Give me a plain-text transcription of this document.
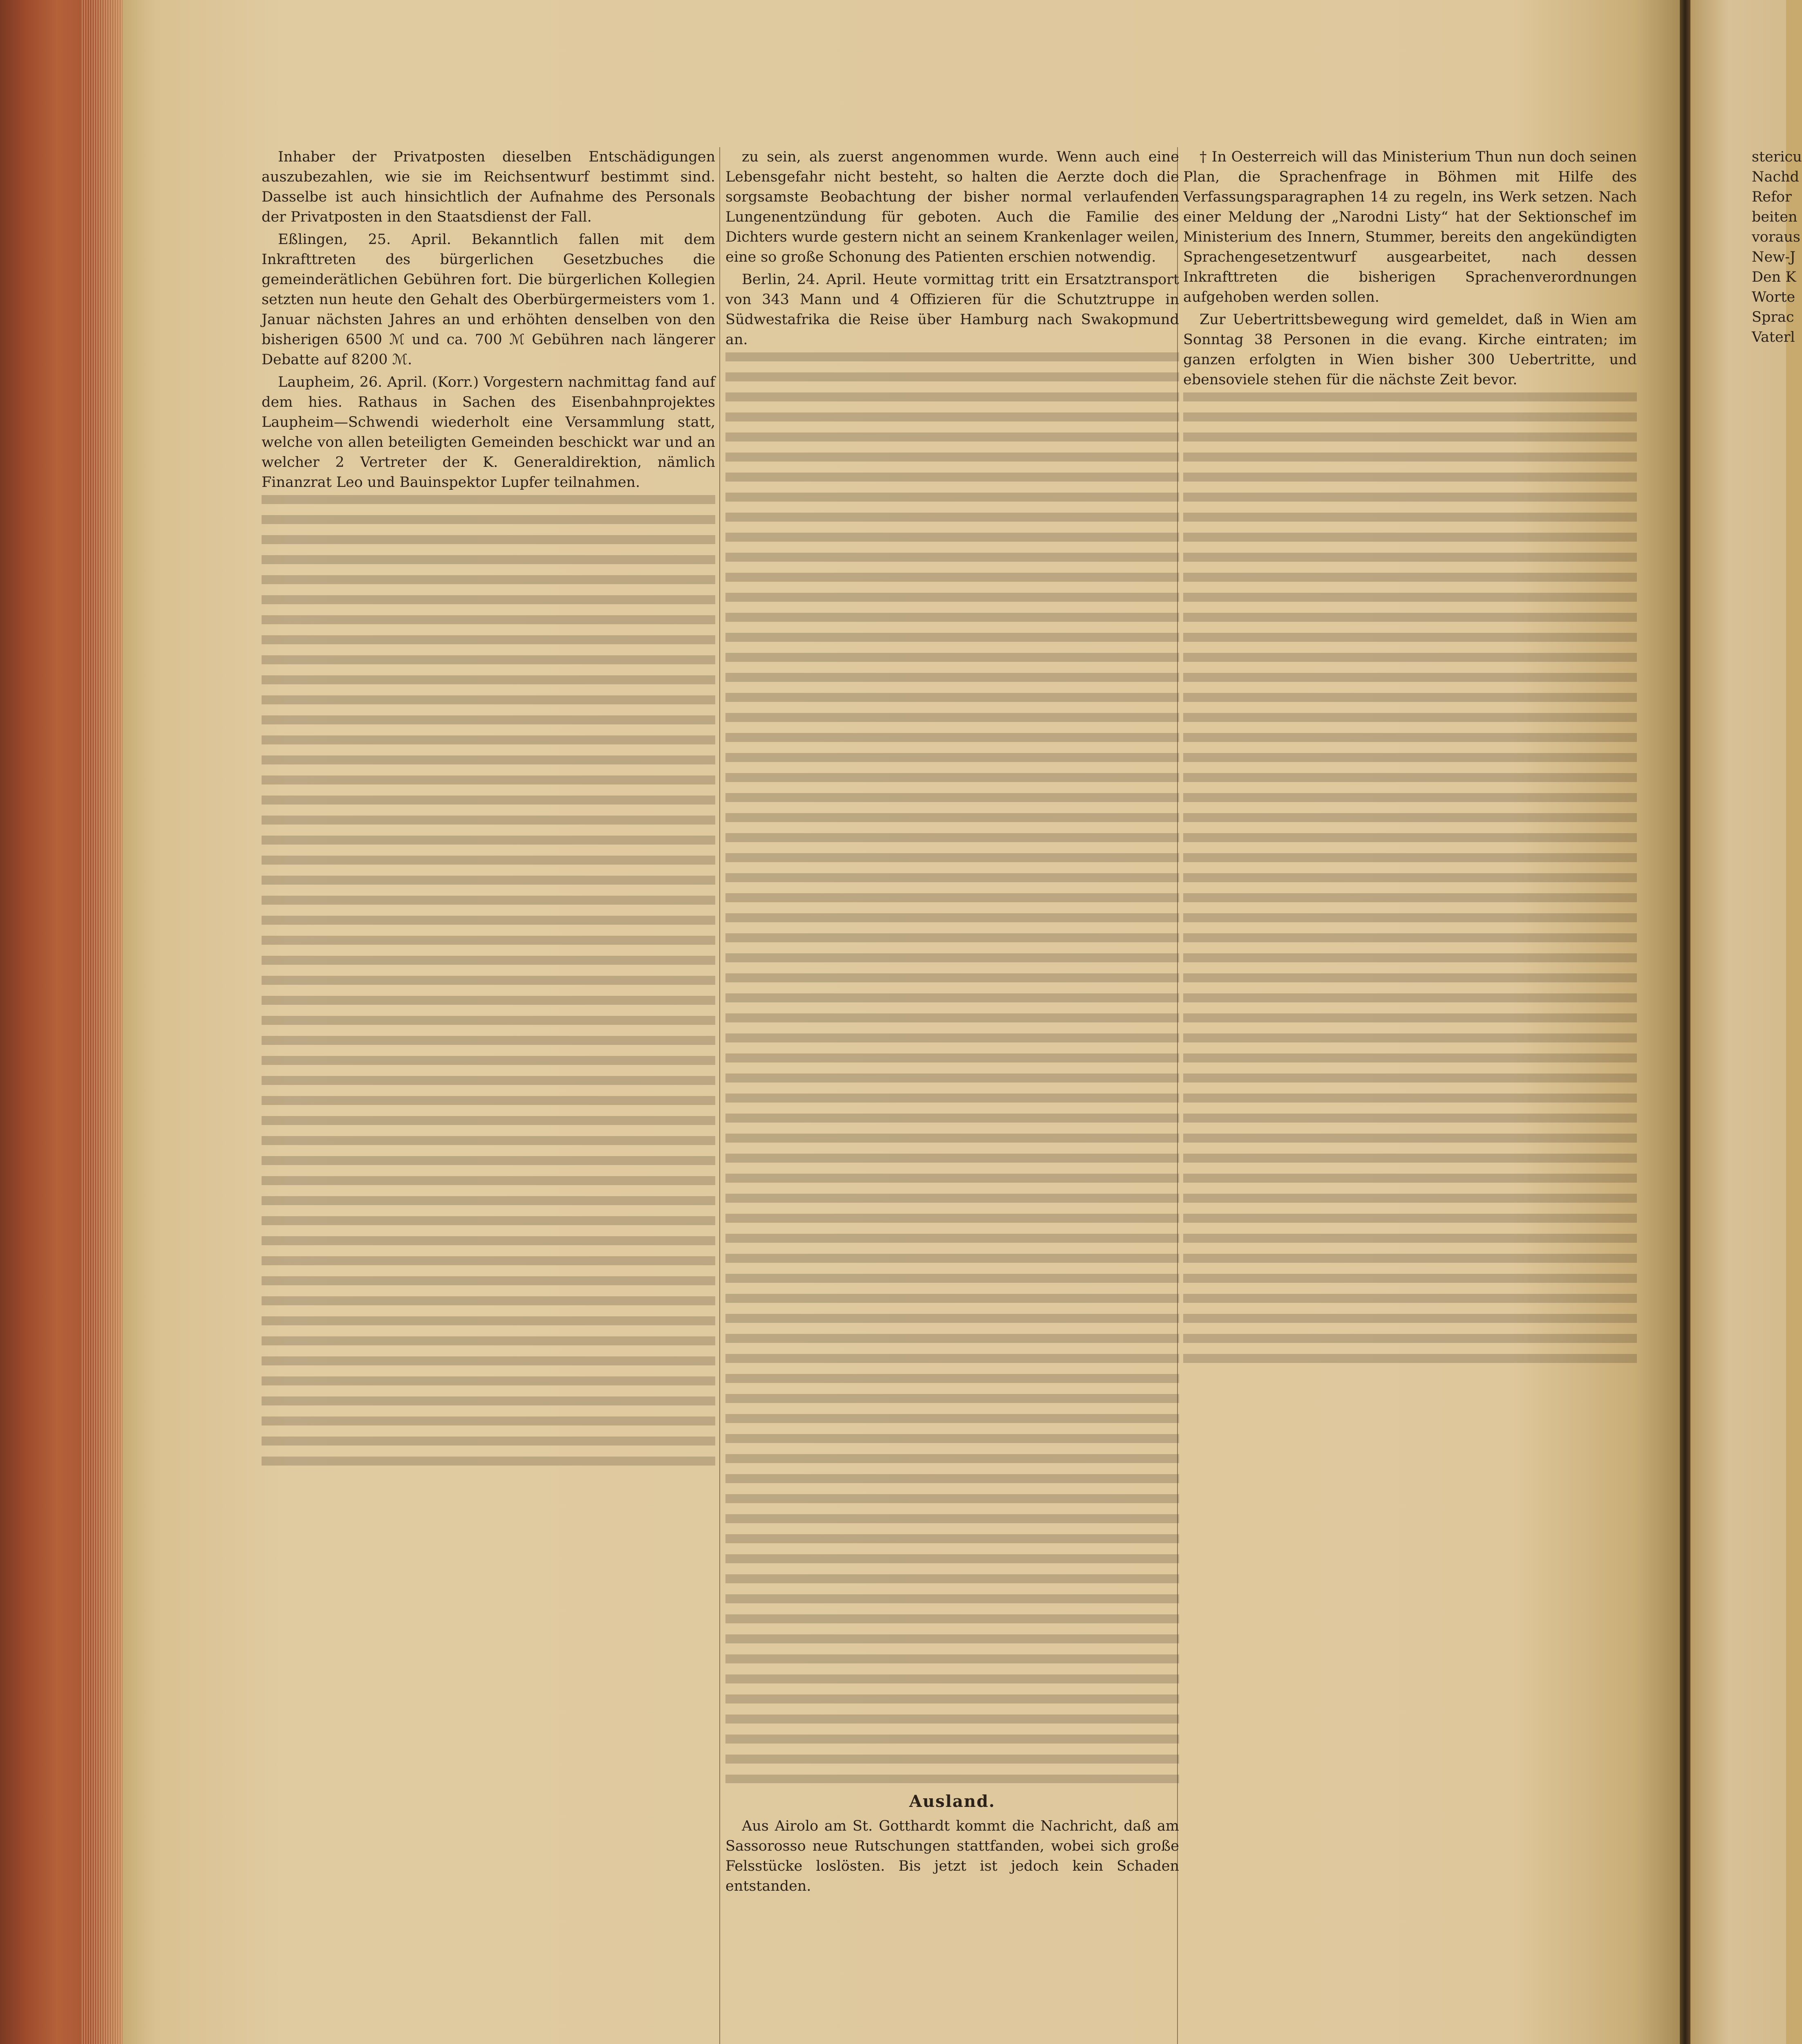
Inhaber der Privatposten dieselben Entschädigungen auszubezahlen, wie sie im Reichsentwurf bestimmt sind. Dasselbe ist auch hinsichtlich der Aufnahme des Personals der Privatposten in den Staatsdienst der Fall.

Eßlingen, 25. April. Bekanntlich fallen mit dem Inkrafttreten des bürgerlichen Gesetzbuches die gemeinderätlichen Gebühren fort. Die bürgerlichen Kollegien setzten nun heute den Gehalt des Oberbürgermeisters vom 1. Januar nächsten Jahres an und erhöhten denselben von den bisherigen 6500 ℳ und ca. 700 ℳ Gebühren nach längerer Debatte auf 8200 ℳ.

Laupheim, 26. April. (Korr.) Vorgestern nachmittag fand auf dem hies. Rathaus in Sachen des Eisenbahnprojektes Laupheim—Schwendi wiederholt eine Versammlung statt, welche von allen beteiligten Gemeinden beschickt war und an welcher 2 Vertreter der K. Generaldirektion, nämlich Finanzrat Leo und Bauinspektor Lupfer teilnahmen.

zu sein, als zuerst angenommen wurde. Wenn auch eine Lebensgefahr nicht besteht, so halten die Aerzte doch die sorgsamste Beobachtung der bisher normal verlaufenden Lungenentzündung für geboten. Auch die Familie des Dichters wurde gestern nicht an seinem Krankenlager weilen, eine so große Schonung des Patienten erschien notwendig.

Berlin, 24. April. Heute vormittag tritt ein Ersatztransport von 343 Mann und 4 Offizieren für die Schutztruppe in Südwestafrika die Reise über Hamburg nach Swakopmund an.

Ausland.

Aus Airolo am St. Gotthardt kommt die Nachricht, daß am Sassorosso neue Rutschungen stattfanden, wobei sich große Felsstücke loslösten. Bis jetzt ist jedoch kein Schaden entstanden.

† In Oesterreich will das Ministerium Thun nun doch seinen Plan, die Sprachenfrage in Böhmen mit Hilfe des Verfassungsparagraphen 14 zu regeln, ins Werk setzen. Nach einer Meldung der „Narodni Listy“ hat der Sektionschef im Ministerium des Innern, Stummer, bereits den angekündigten Sprachengesetzentwurf ausgearbeitet, nach dessen Inkrafttreten die bisherigen Sprachenverordnungen aufgehoben werden sollen.

Zur Uebertrittsbewegung wird gemeldet, daß in Wien am Sonntag 38 Personen in die evang. Kirche eintraten; im ganzen erfolgten in Wien bisher 300 Uebertritte, und ebensoviele stehen für die nächste Zeit bevor.

stericu
Nachd
Refor
beiten
voraus
New-J
Den K
Worte
Sprac
Vaterl
